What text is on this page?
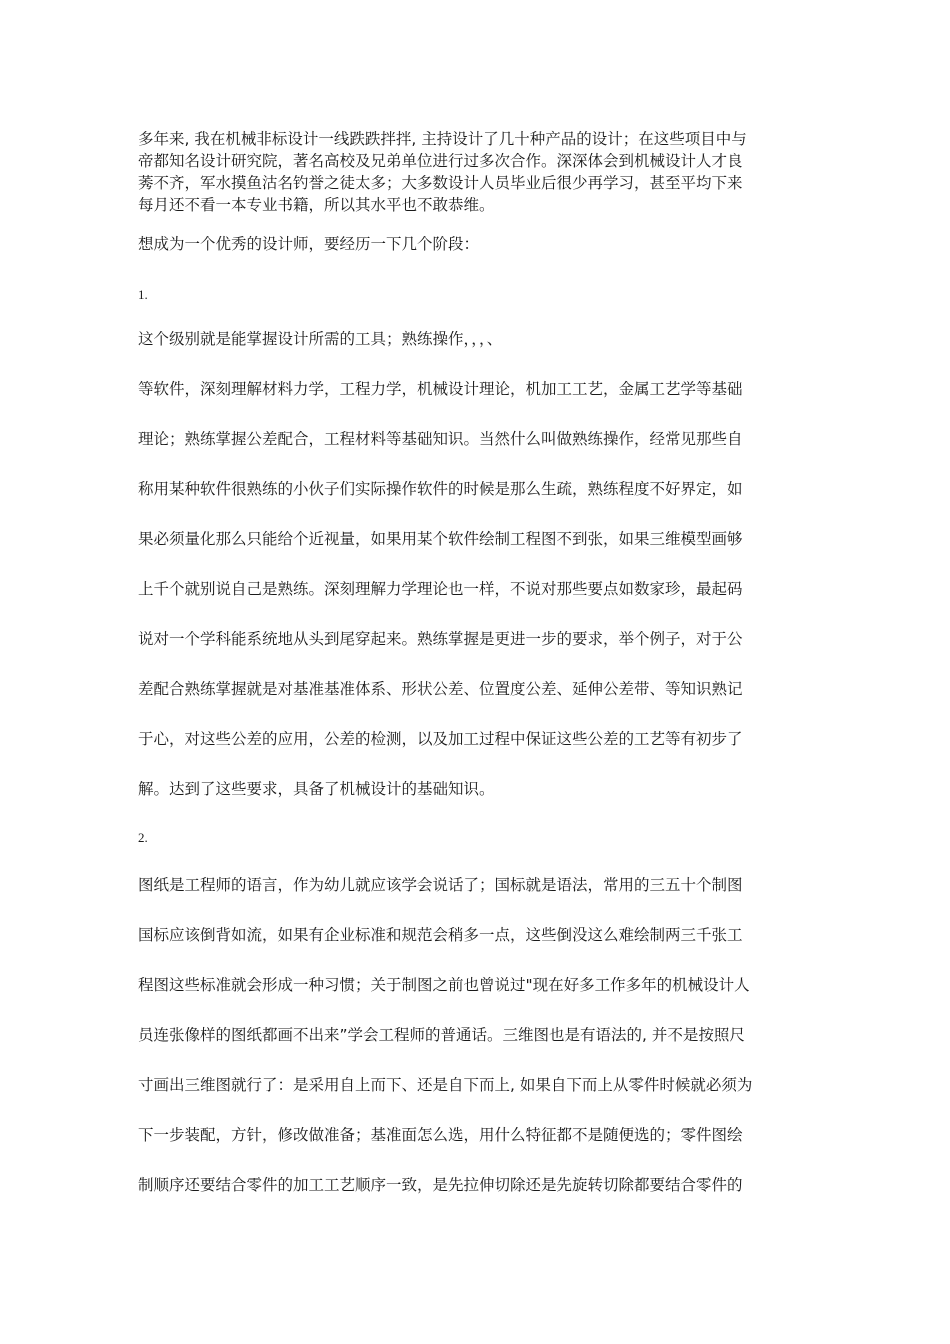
多年来, 我在机械非标设计一线跌跌拌拌, 主持设计了几十种产品的设计；在这些项目中与
帝都知名设计研究院，著名高校及兄弟单位进行过多次合作。深深体会到机械设计人才良
莠不齐，军水摸鱼沽名钓誉之徒太多；大多数设计人员毕业后很少再学习，甚至平均下来
每月还不看一本专业书籍，所以其水平也不敢恭维。
想成为一个优秀的设计师，要经历一下几个阶段：
1.
这个级别就是能掌握设计所需的工具；熟练操作，，，、
等软件，深刻理解材料力学，工程力学，机械设计理论，机加工工艺，金属工艺学等基础
理论；熟练掌握公差配合，工程材料等基础知识。当然什么叫做熟练操作，经常见那些自
称用某种软件很熟练的小伙子们实际操作软件的时候是那么生疏，熟练程度不好界定，如
果必须量化那么只能给个近视量，如果用某个软件绘制工程图不到张，如果三维模型画够
上千个就别说自己是熟练。深刻理解力学理论也一样，不说对那些要点如数家珍，最起码
说对一个学科能系统地从头到尾穿起来。熟练掌握是更进一步的要求，举个例子，对于公
差配合熟练掌握就是对基准基准体系、形状公差、位置度公差、延伸公差带、等知识熟记
于心，对这些公差的应用，公差的检测，以及加工过程中保证这些公差的工艺等有初步了
解。达到了这些要求，具备了机械设计的基础知识。
2.
图纸是工程师的语言，作为幼儿就应该学会说话了；国标就是语法，常用的三五十个制图
国标应该倒背如流，如果有企业标准和规范会稍多一点，这些倒没这么难绘制两三千张工
程图这些标准就会形成一种习惯；关于制图之前也曾说过"现在好多工作多年的机械设计人
员连张像样的图纸都画不出来”学会工程师的普通话。三维图也是有语法的, 并不是按照尺
寸画出三维图就行了：是采用自上而下、还是自下而上, 如果自下而上从零件时候就必须为
下一步装配，方针，修改做准备；基准面怎么选，用什么特征都不是随便选的；零件图绘
制顺序还要结合零件的加工工艺顺序一致，是先拉伸切除还是先旋转切除都要结合零件的
